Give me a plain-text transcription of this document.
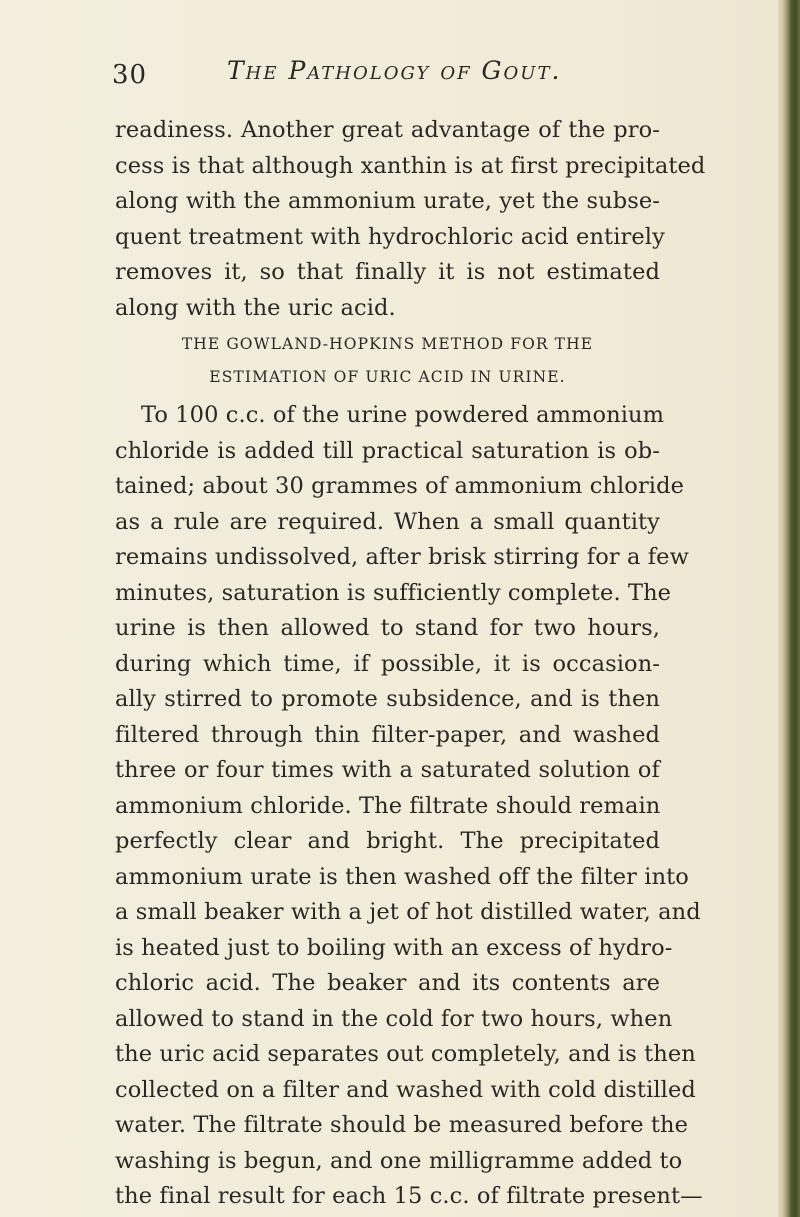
30	The Pathology of Gout.
readiness. Another great advantage of the pro-
cess is that although xanthin is at first precipitated
along with the ammonium urate, yet the subse-
quent treatment with hydrochloric acid entirely
removes it, so that finally it is not estimated
along with the uric acid.
THE GOWLAND-HOPKINS METHOD FOR THE
ESTIMATION OF URIC ACID IN URINE.
To 100 c.c. of the urine powdered ammonium
chloride is added till practical saturation is ob-
tained; about 30 grammes of ammonium chloride
as a rule are required. When a small quantity
remains undissolved, after brisk stirring for a few
minutes, saturation is sufficiently complete. The
urine is then allowed to stand for two hours,
during which time, if possible, it is occasion-
ally stirred to promote subsidence, and is then
filtered through thin filter-paper, and washed
three or four times with a saturated solution of
ammonium chloride. The filtrate should remain
perfectly clear and bright. The precipitated
ammonium urate is then washed off the filter into
a small beaker with a jet of hot distilled water, and
is heated just to boiling with an excess of hydro-
chloric acid. The beaker and its contents are
allowed to stand in the cold for two hours, when
the uric acid separates out completely, and is then
collected on a filter and washed with cold distilled
water. The filtrate should be measured before the
washing is begun, and one milligramme added to
the final result for each 15 c.c. of filtrate present—
